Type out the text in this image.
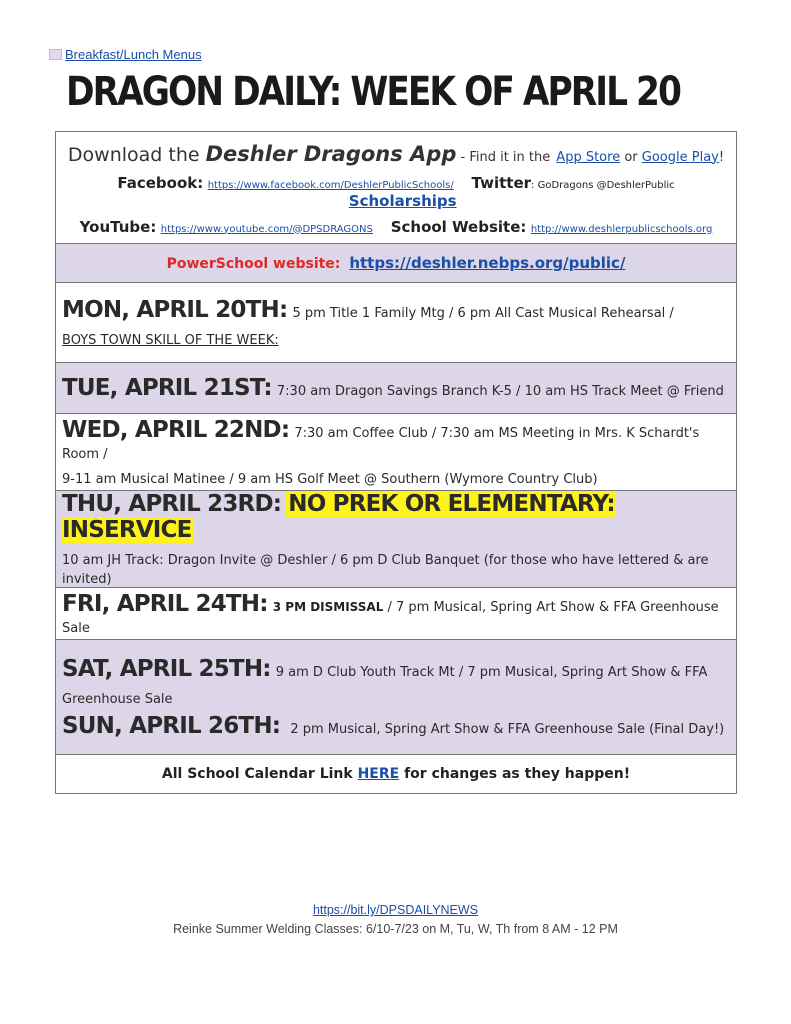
Breakfast/Lunch Menus
DRAGON DAILY: WEEK OF APRIL 20
Download the Deshler Dragons App - Find it in the App Store or Google Play!
Facebook: https://www.facebook.com/DeshlerPublicSchools/ Twitter: GoDragons @DeshlerPublic    Scholarships
YouTube: https://www.youtube.com/@DPSDRAGONS School Website: http://www.deshlerpublicschools.org

PowerSchool website: https://deshler.nebps.org/public/
MON, APRIL 20TH: 5 pm Title 1 Family Mtg / 6 pm All Cast Musical Rehearsal /
BOYS TOWN SKILL OF THE WEEK:

TUE, APRIL 21ST: 7:30 am Dragon Savings Branch K-5 / 10 am HS Track Meet @ Friend
WED, APRIL 22ND: 7:30 am Coffee Club / 7:30 am MS Meeting in Mrs. K Schardt's Room /
9-11 am Musical Matinee / 9 am HS Golf Meet @ Southern (Wymore Country Club)

THU, APRIL 23RD: NO PREK OR ELEMENTARY: INSERVICE
10 am JH Track: Dragon Invite @ Deshler / 6 pm D Club Banquet (for those who have lettered & are invited)

FRI, APRIL 24TH: 3 PM DISMISSAL / 7 pm Musical, Spring Art Show & FFA Greenhouse Sale

SAT, APRIL 25TH: 9 am D Club Youth Track Mt / 7 pm Musical, Spring Art Show & FFA
Greenhouse Sale
SUN, APRIL 26TH: 2 pm Musical, Spring Art Show & FFA Greenhouse Sale (Final Day!)

All School Calendar Link HERE for changes as they happen!
https://bit.ly/DPSDAILYNEWS
Reinke Summer Welding Classes: 6/10-7/23 on M, Tu, W, Th from 8 AM - 12 PM
